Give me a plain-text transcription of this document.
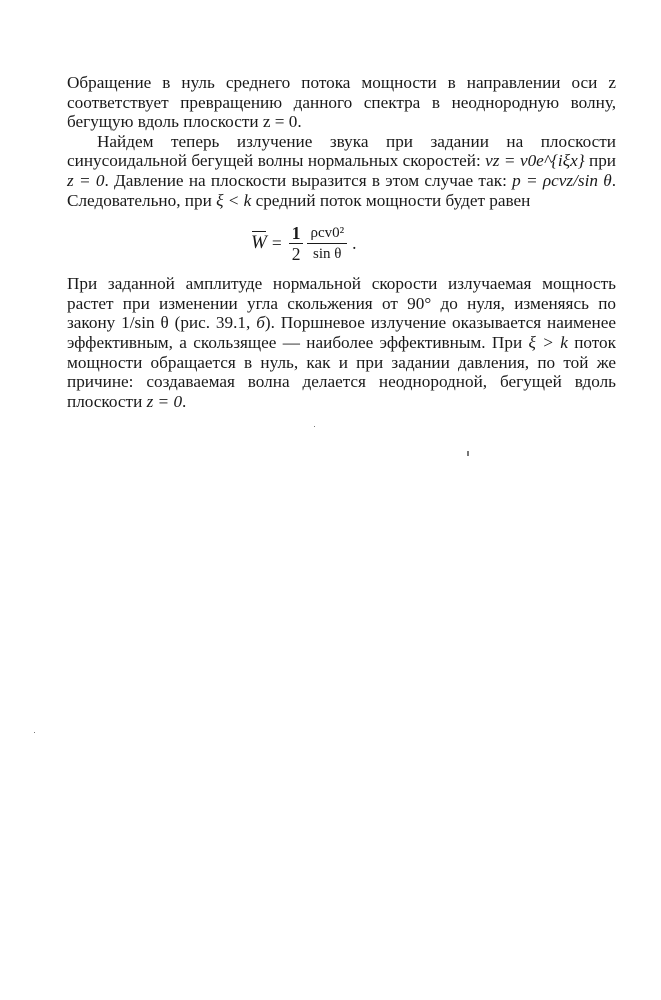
Обращение в нуль среднего потока мощности в направлении оси z соответствует превращению данного спектра в неоднородную волну, бегущую вдоль плоскости z = 0.

Найдем теперь излучение звука при задании на плоскости синусоидальной бегущей волны нормальных скоростей: vz = v0e^{iξx} при z = 0. Давление на плоскости выразится в этом случае так: p = ρcvz/sin θ. Следовательно, при ξ < k средний поток мощности будет равен

$W = \frac{1}{2} \frac{\text{ρcv0²}}{\text{sin θ}}$ .

При заданной амплитуде нормальной скорости излучаемая мощность растет при изменении угла скольжения от 90° до нуля, изменяясь по закону 1/sin θ (рис. 39.1, б). Поршневое излучение оказывается наименее эффективным, а скользящее — наиболее эффективным. При ξ > k поток мощности обращается в нуль, как и при задании давления, по той же причине: создаваемая волна делается неоднородной, бегущей вдоль плоскости z = 0.
